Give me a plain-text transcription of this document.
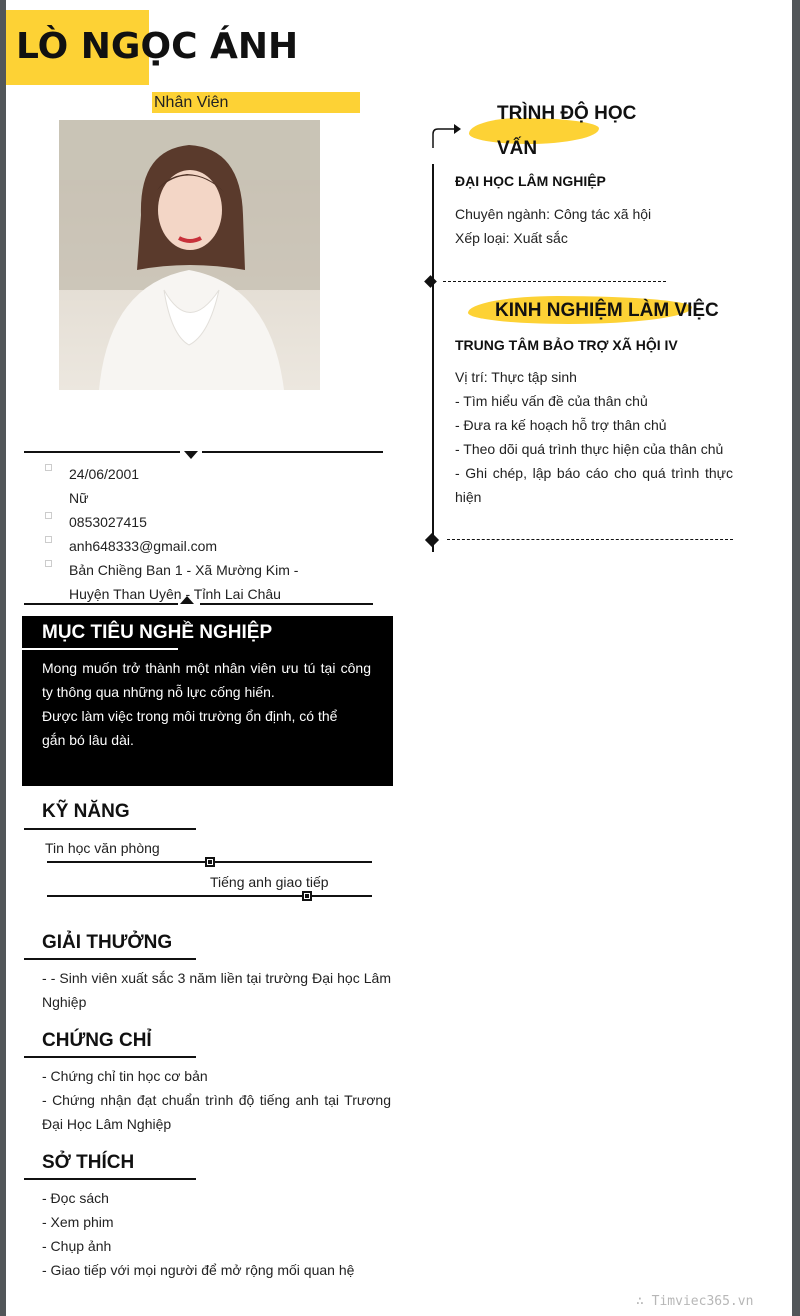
LÒ NGỌC ÁNH
Nhân Viên
24/06/2001
Nữ
0853027415
anh648333@gmail.com
Bản Chiềng Ban 1 - Xã Mường Kim -
Huyện Than Uyên - Tỉnh Lai Châu
MỤC TIÊU NGHỀ NGHIỆP
Mong muốn trở thành một nhân viên ưu tú tại công ty thông qua những nỗ lực cống hiến.
Được làm việc trong môi trường ổn định, có thể
gắn bó lâu dài.
KỸ NĂNG
Tin học văn phòng
Tiếng anh giao tiếp
GIẢI THƯỞNG
- - Sinh viên xuất sắc 3 năm liền tại trường Đại học Lâm Nghiệp
CHỨNG CHỈ
- Chứng chỉ tin học cơ bản
- Chứng nhận đạt chuẩn trình độ tiếng anh tại Trương Đại Học Lâm Nghiệp
SỞ THÍCH
- Đọc sách
- Xem phim
- Chụp ảnh
- Giao tiếp với mọi người để mở rộng mối quan hệ
TRÌNH ĐỘ HỌC
VẤN
ĐẠI HỌC LÂM NGHIỆP
Chuyên ngành: Công tác xã hội
Xếp loại: Xuất sắc
KINH NGHIỆM LÀM VIỆC
TRUNG TÂM BẢO TRỢ XÃ HỘI IV
Vị trí: Thực tập sinh
- Tìm hiểu vấn đề của thân chủ
- Đưa ra kế hoạch hỗ trợ thân chủ
- Theo dõi quá trình thực hiện của thân chủ
- Ghi chép, lập báo cáo cho quá trình thực hiện
∴ Timviec365.vn
